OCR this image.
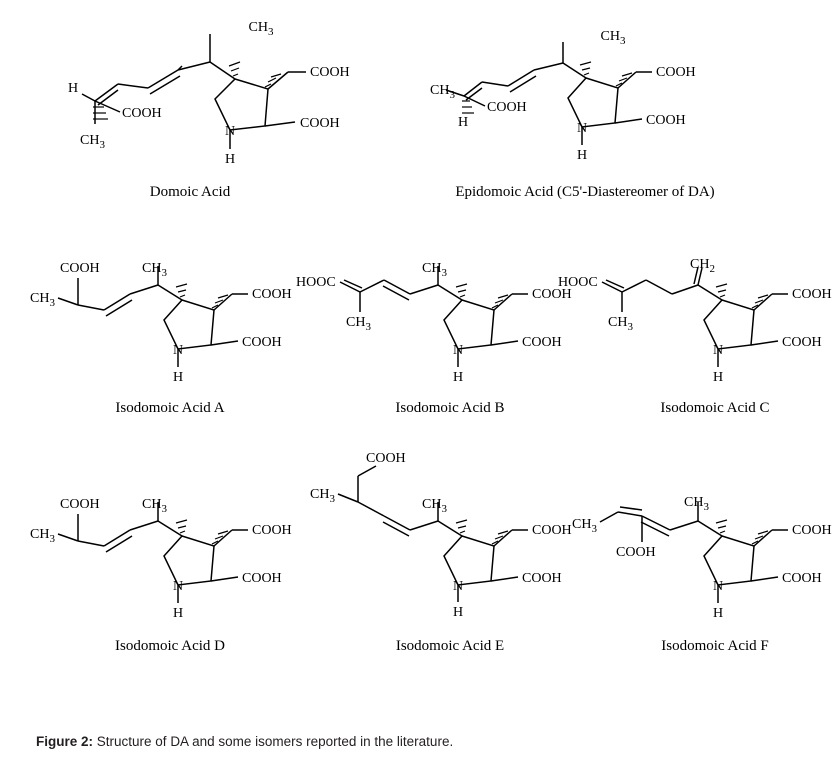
$CH_3$
COOH
COOH
H
COOH
$CH_3$
N
H
Domoic Acid
$CH_3$
COOH
COOH
$CH_3$
H
COOH
N
H
Epidomoic Acid (C5'-Diastereomer of DA)
COOH	$CH_3$
$CH_3$
COOH
COOH
N
H
Isodomoic Acid A
HOOC
$CH_3$
$CH_3$
COOH
COOH
N
H
Isodomoic Acid B
HOOC
$CH_2$
$CH_3$
COOH
COOH
N
H
Isodomoic Acid C
COOH	$CH_3$
$CH_3$
COOH
COOH
N
H
Isodomoic Acid D
COOH
$CH_3$	$CH_3$
COOH
COOH
N
H
Isodomoic Acid E
$CH_3$
$CH_3$
COOH
COOH
COOH
N
H
Isodomoic Acid F
Figure 2: Structure of DA and some isomers reported in the literature.
